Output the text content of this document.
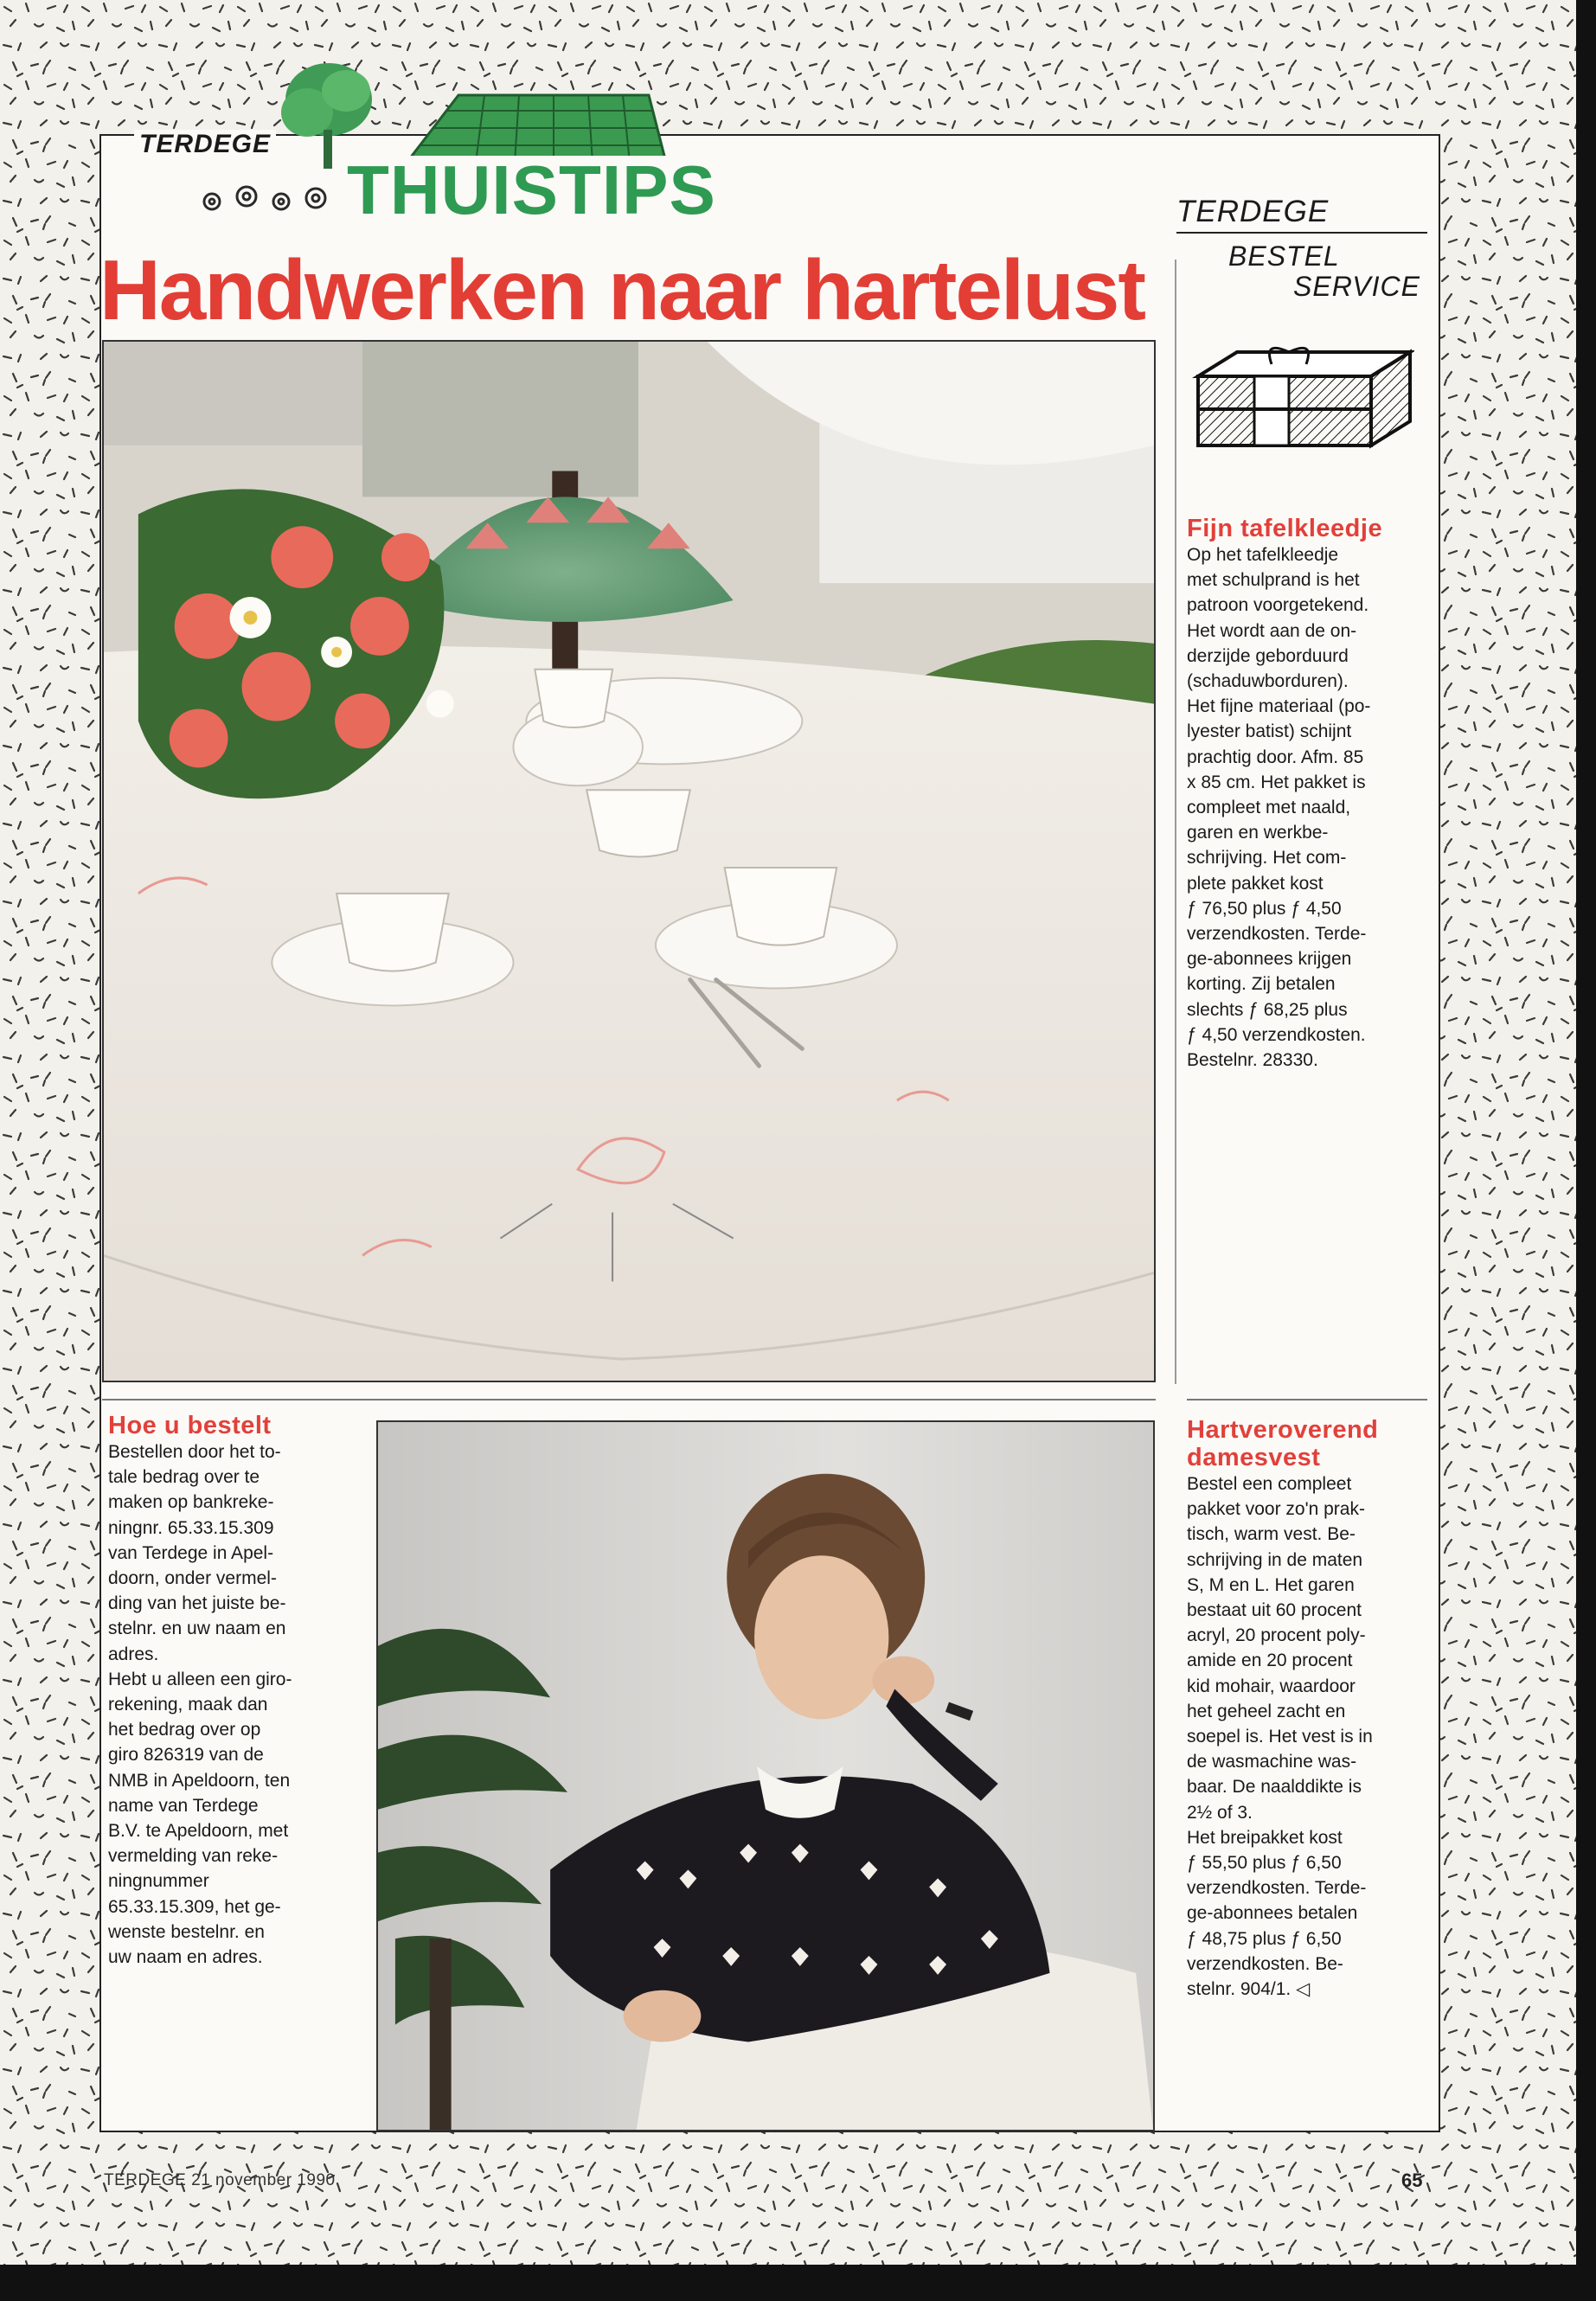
TERDEGE
THUISTIPS
Handwerken naar hartelust
TERDEGE
BESTEL
SERVICE
Fijn tafelkleedje
Op het tafelkleedje
met schulprand is het
patroon voorgetekend.
Het wordt aan de on-
derzijde geborduurd
(schaduwborduren).
Het fijne materiaal (po-
lyester batist) schijnt
prachtig door. Afm. 85
x 85 cm. Het pakket is
compleet met naald,
garen en werkbe-
schrijving. Het com-
plete pakket kost
ƒ 76,50 plus ƒ 4,50
verzendkosten. Terde-
ge-abonnees krijgen
korting. Zij betalen
slechts ƒ 68,25 plus
ƒ 4,50 verzendkosten.
Bestelnr. 28330.
Hoe u bestelt
Bestellen door het to-
tale bedrag over te
maken op bankreke-
ningnr. 65.33.15.309
van Terdege in Apel-
doorn, onder vermel-
ding van het juiste be-
stelnr. en uw naam en
adres.
Hebt u alleen een giro-
rekening, maak dan
het bedrag over op
giro 826319 van de
NMB in Apeldoorn, ten
name van Terdege
B.V. te Apeldoorn, met
vermelding van reke-
ningnummer
65.33.15.309, het ge-
wenste bestelnr. en
uw naam en adres.
Hartveroverend
damesvest
Bestel een compleet
pakket voor zo'n prak-
tisch, warm vest. Be-
schrijving in de maten
S, M en L. Het garen
bestaat uit 60 procent
acryl, 20 procent poly-
amide en 20 procent
kid mohair, waardoor
het geheel zacht en
soepel is. Het vest is in
de wasmachine was-
baar. De naalddikte is
2½ of 3.
Het breipakket kost
ƒ 55,50 plus ƒ 6,50
verzendkosten. Terde-
ge-abonnees betalen
ƒ 48,75 plus ƒ 6,50
verzendkosten. Be-
stelnr. 904/1. ◁
TERDEGE 21 november 1990	65
